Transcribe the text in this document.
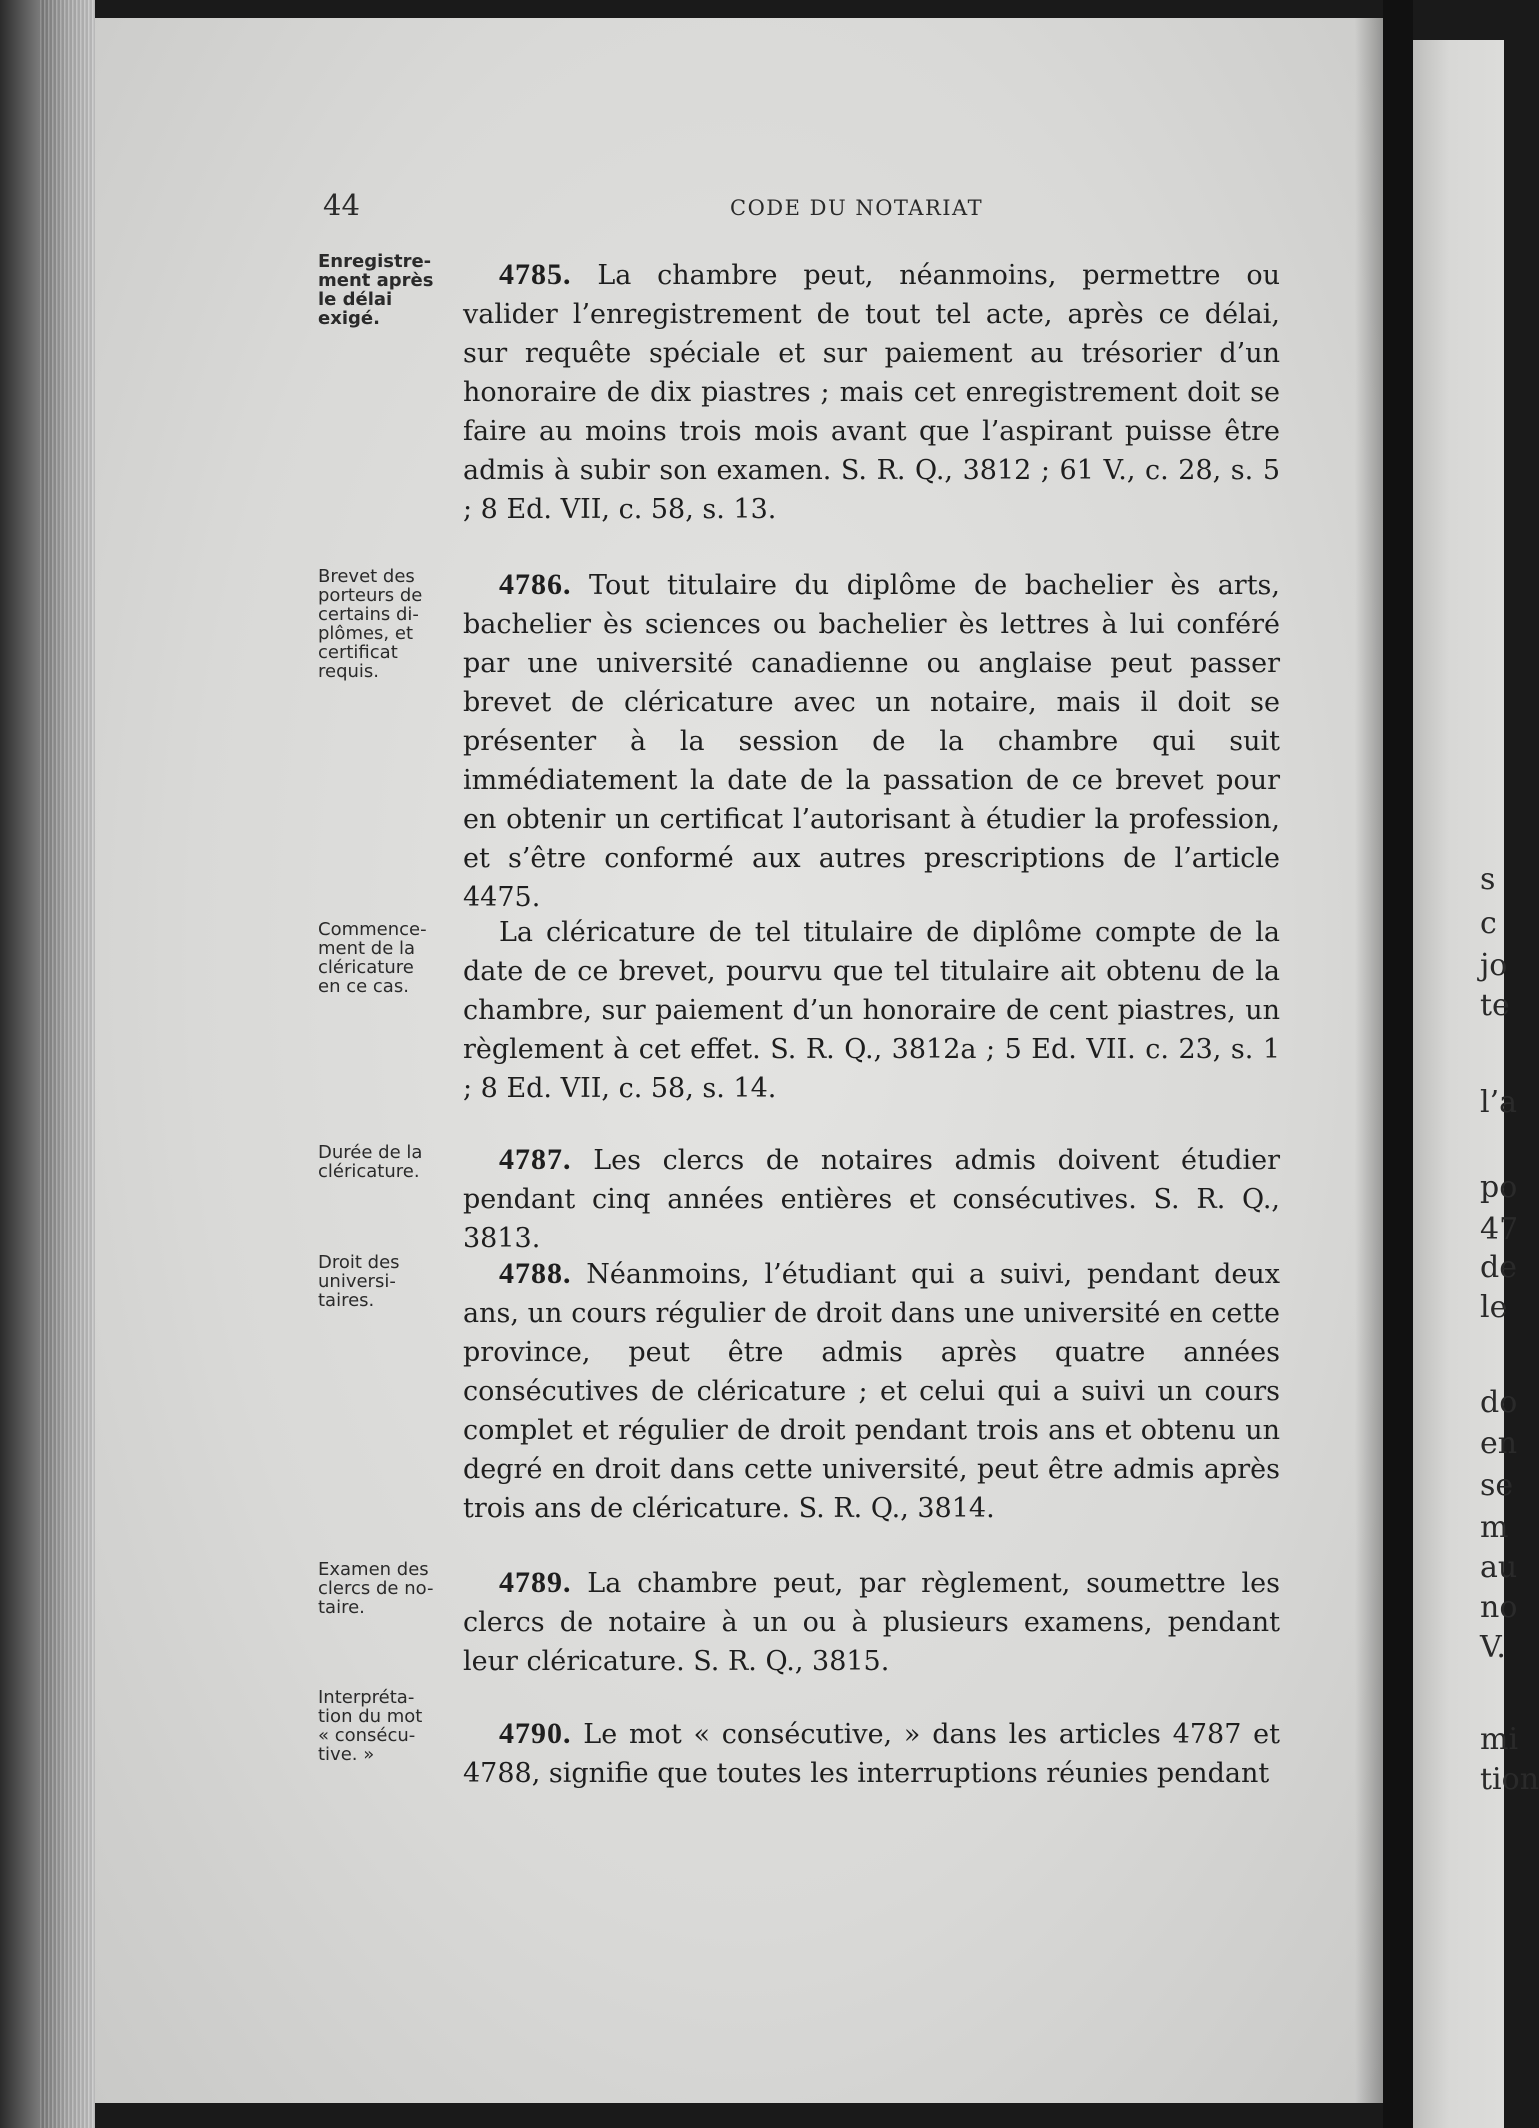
s
c
jo
te
l’a
po
47
de
le
do
en
se
m
au
no
V.
mi
tion
44	CODE DU NOTARIAT
Enregistre-
ment après
le délai
exigé.
Brevet des
porteurs de
certains di-
plômes, et
certificat
requis.
Commence-
ment de la
cléricature
en ce cas.
Durée de la
cléricature.
Droit des
universi-
taires.
Examen des
clercs de no-
taire.
Interpréta-
tion du mot
« consécu-
tive. »
4785. La chambre peut, néanmoins, permettre ou valider l’enregistrement de tout tel acte, après ce délai, sur requête spéciale et sur paiement au trésorier d’un honoraire de dix piastres ; mais cet enregistrement doit se faire au moins trois mois avant que l’aspirant puisse être admis à subir son examen. S. R. Q., 3812 ; 61 V., c. 28, s. 5 ; 8 Ed. VII, c. 58, s. 13.
4786. Tout titulaire du diplôme de bachelier ès arts, bachelier ès sciences ou bachelier ès lettres à lui conféré par une université canadienne ou anglaise peut passer brevet de cléricature avec un notaire, mais il doit se présenter à la session de la chambre qui suit immédiatement la date de la passation de ce brevet pour en obtenir un certificat l’autorisant à étudier la profession, et s’être conformé aux autres prescriptions de l’article 4475.
La cléricature de tel titulaire de diplôme compte de la date de ce brevet, pourvu que tel titulaire ait obtenu de la chambre, sur paiement d’un honoraire de cent piastres, un règlement à cet effet. S. R. Q., 3812a ; 5 Ed. VII. c. 23, s. 1 ; 8 Ed. VII, c. 58, s. 14.
4787. Les clercs de notaires admis doivent étudier pendant cinq années entières et consécutives. S. R. Q., 3813.
4788. Néanmoins, l’étudiant qui a suivi, pendant deux ans, un cours régulier de droit dans une université en cette province, peut être admis après quatre années consécutives de cléricature ; et celui qui a suivi un cours complet et régulier de droit pendant trois ans et obtenu un degré en droit dans cette université, peut être admis après trois ans de cléricature. S. R. Q., 3814.
4789. La chambre peut, par règlement, soumettre les clercs de notaire à un ou à plusieurs examens, pendant leur cléricature. S. R. Q., 3815.
4790. Le mot « consécutive, » dans les articles 4787 et 4788, signifie que toutes les interruptions réunies pendant
